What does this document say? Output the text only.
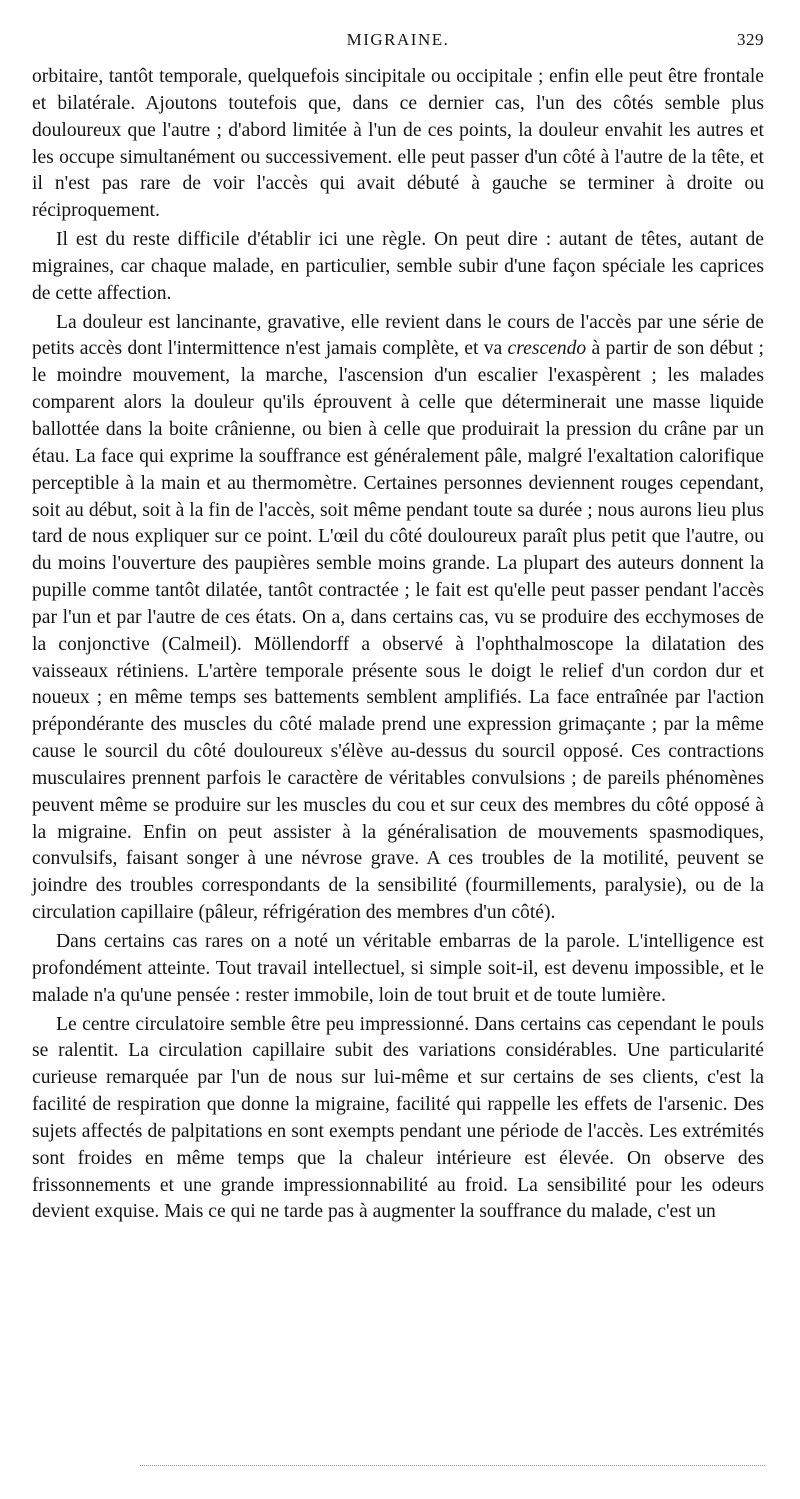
MIGRAINE.	329

orbitaire, tantôt temporale, quelquefois sincipitale ou occipitale ; enfin elle peut être frontale et bilatérale. Ajoutons toutefois que, dans ce dernier cas, l'un des côtés semble plus douloureux que l'autre ; d'abord limitée à l'un de ces points, la douleur envahit les autres et les occupe simultanément ou successivement. elle peut passer d'un côté à l'autre de la tête, et il n'est pas rare de voir l'accès qui avait débuté à gauche se terminer à droite ou réciproquement.

Il est du reste difficile d'établir ici une règle. On peut dire : autant de têtes, autant de migraines, car chaque malade, en particulier, semble subir d'une façon spéciale les caprices de cette affection.

La douleur est lancinante, gravative, elle revient dans le cours de l'accès par une série de petits accès dont l'intermittence n'est jamais complète, et va crescendo à partir de son début ; le moindre mouvement, la marche, l'ascension d'un escalier l'exaspèrent ; les malades comparent alors la douleur qu'ils éprouvent à celle que déterminerait une masse liquide ballottée dans la boite crânienne, ou bien à celle que produirait la pression du crâne par un étau. La face qui exprime la souffrance est généralement pâle, malgré l'exaltation calorifique perceptible à la main et au thermomètre. Certaines personnes deviennent rouges cependant, soit au début, soit à la fin de l'accès, soit même pendant toute sa durée ; nous aurons lieu plus tard de nous expliquer sur ce point. L'œil du côté douloureux paraît plus petit que l'autre, ou du moins l'ouverture des paupières semble moins grande. La plupart des auteurs donnent la pupille comme tantôt dilatée, tantôt contractée ; le fait est qu'elle peut passer pendant l'accès par l'un et par l'autre de ces états. On a, dans certains cas, vu se produire des ecchymoses de la conjonctive (Calmeil). Möllendorff a observé à l'ophthalmoscope la dilatation des vaisseaux rétiniens. L'artère temporale présente sous le doigt le relief d'un cordon dur et noueux ; en même temps ses battements semblent amplifiés. La face entraînée par l'action prépondérante des muscles du côté malade prend une expression grimaçante ; par la même cause le sourcil du côté douloureux s'élève au-dessus du sourcil opposé. Ces contractions musculaires prennent parfois le caractère de véritables convulsions ; de pareils phénomènes peuvent même se produire sur les muscles du cou et sur ceux des membres du côté opposé à la migraine. Enfin on peut assister à la généralisation de mouvements spasmodiques, convulsifs, faisant songer à une névrose grave. A ces troubles de la motilité, peuvent se joindre des troubles correspondants de la sensibilité (fourmillements, paralysie), ou de la circulation capillaire (pâleur, réfrigération des membres d'un côté).

Dans certains cas rares on a noté un véritable embarras de la parole. L'intelligence est profondément atteinte. Tout travail intellectuel, si simple soit-il, est devenu impossible, et le malade n'a qu'une pensée : rester immobile, loin de tout bruit et de toute lumière.

Le centre circulatoire semble être peu impressionné. Dans certains cas cependant le pouls se ralentit. La circulation capillaire subit des variations considérables. Une particularité curieuse remarquée par l'un de nous sur lui-même et sur certains de ses clients, c'est la facilité de respiration que donne la migraine, facilité qui rappelle les effets de l'arsenic. Des sujets affectés de palpitations en sont exempts pendant une période de l'accès. Les extrémités sont froides en même temps que la chaleur intérieure est élevée. On observe des frissonnements et une grande impressionnabilité au froid. La sensibilité pour les odeurs devient exquise. Mais ce qui ne tarde pas à augmenter la souffrance du malade, c'est un
